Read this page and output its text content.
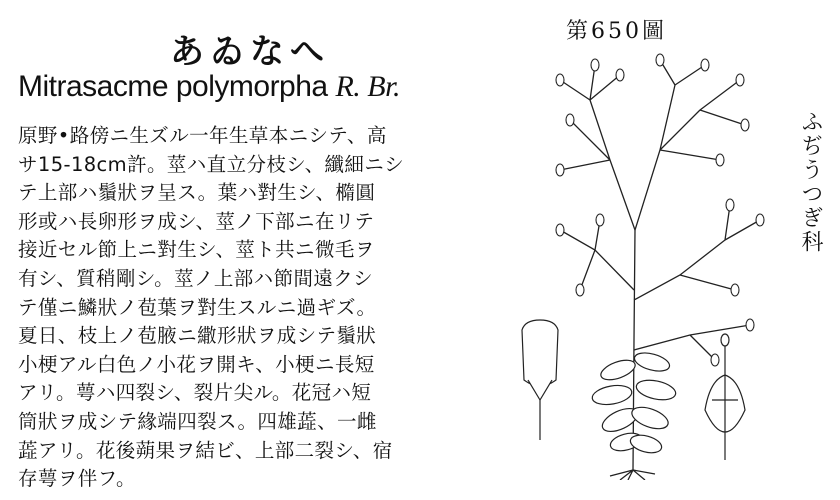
あゐなへ
Mitrasacme polymorpha R. Br.
原野•路傍ニ生ズル一年生草本ニシテ、高
サ15-18cm許。莖ハ直立分枝シ、纖細ニシ
テ上部ハ鬚狀ヲ呈ス。葉ハ對生シ、橢圓
形或ハ長卵形ヲ成シ、莖ノ下部ニ在リテ
接近セル節上ニ對生シ、莖ト共ニ微毛ヲ
有シ、質稍剛シ。莖ノ上部ハ節間遠クシ
テ僅ニ鱗狀ノ苞葉ヲ對生スルニ過ギズ。
夏日、枝上ノ苞腋ニ繖形狀ヲ成シテ鬚狀
小梗アル白色ノ小花ヲ開キ、小梗ニ長短
アリ。萼ハ四裂シ、裂片尖ル。花冠ハ短
筒狀ヲ成シテ緣端四裂ス。四雄蕋、一雌
蕋アリ。花後蒴果ヲ結ビ、上部二裂シ、宿
存萼ヲ伴フ。
第650圖
ふぢうつぎ科
